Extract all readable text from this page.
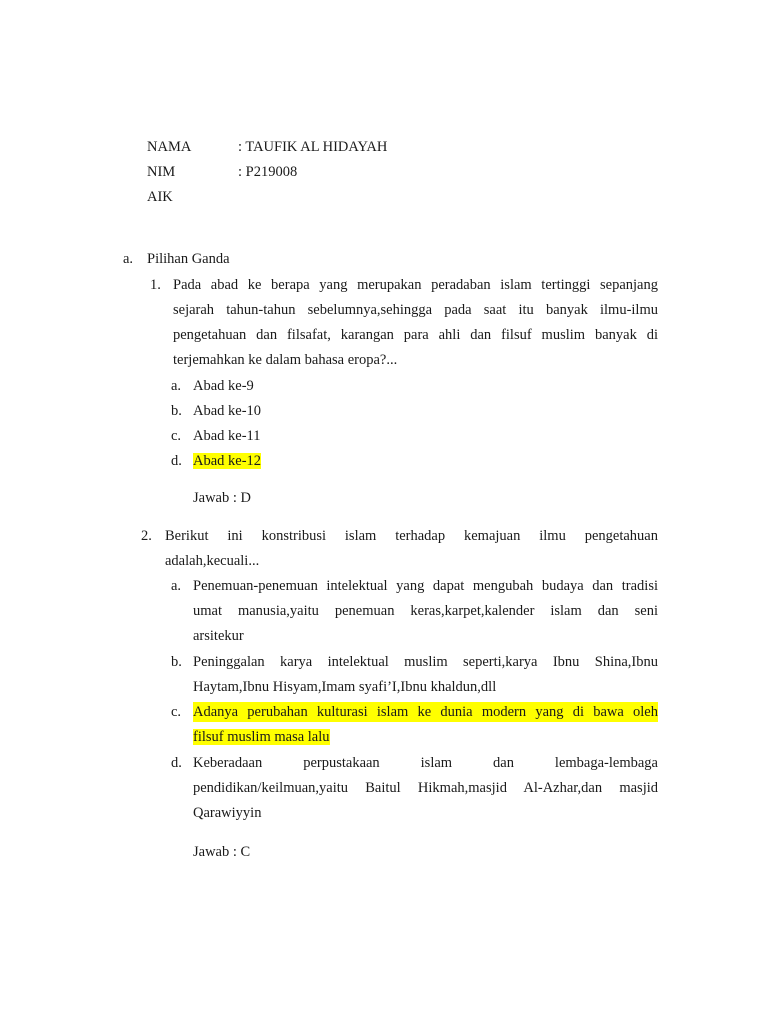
NAMA	: TAUFIK AL HIDAYAH
NIM	: P219008
AIK
a. Pilihan Ganda
1. Pada abad ke berapa yang merupakan peradaban islam tertinggi sepanjang
sejarah tahun-tahun sebelumnya,sehingga pada saat itu banyak ilmu-ilmu
pengetahuan dan filsafat, karangan para ahli dan filsuf muslim banyak di
terjemahkan ke dalam bahasa eropa?...
a. Abad ke-9
b. Abad ke-10
c. Abad ke-11
d. Abad ke-12
Jawab : D
2. Berikut ini konstribusi islam terhadap kemajuan ilmu pengetahuan
adalah,kecuali...
a. Penemuan-penemuan intelektual yang dapat mengubah budaya dan tradisi
umat manusia,yaitu penemuan keras,karpet,kalender islam dan seni
arsitekur
b. Peninggalan karya intelektual muslim seperti,karya Ibnu Shina,Ibnu
Haytam,Ibnu Hisyam,Imam syafi’I,Ibnu khaldun,dll
c. Adanya perubahan kulturasi islam ke dunia modern yang di bawa oleh
filsuf muslim masa lalu
d. Keberadaan perpustakaan islam dan lembaga-lembaga
pendidikan/keilmuan,yaitu Baitul Hikmah,masjid Al-Azhar,dan masjid
Qarawiyyin
Jawab : C
